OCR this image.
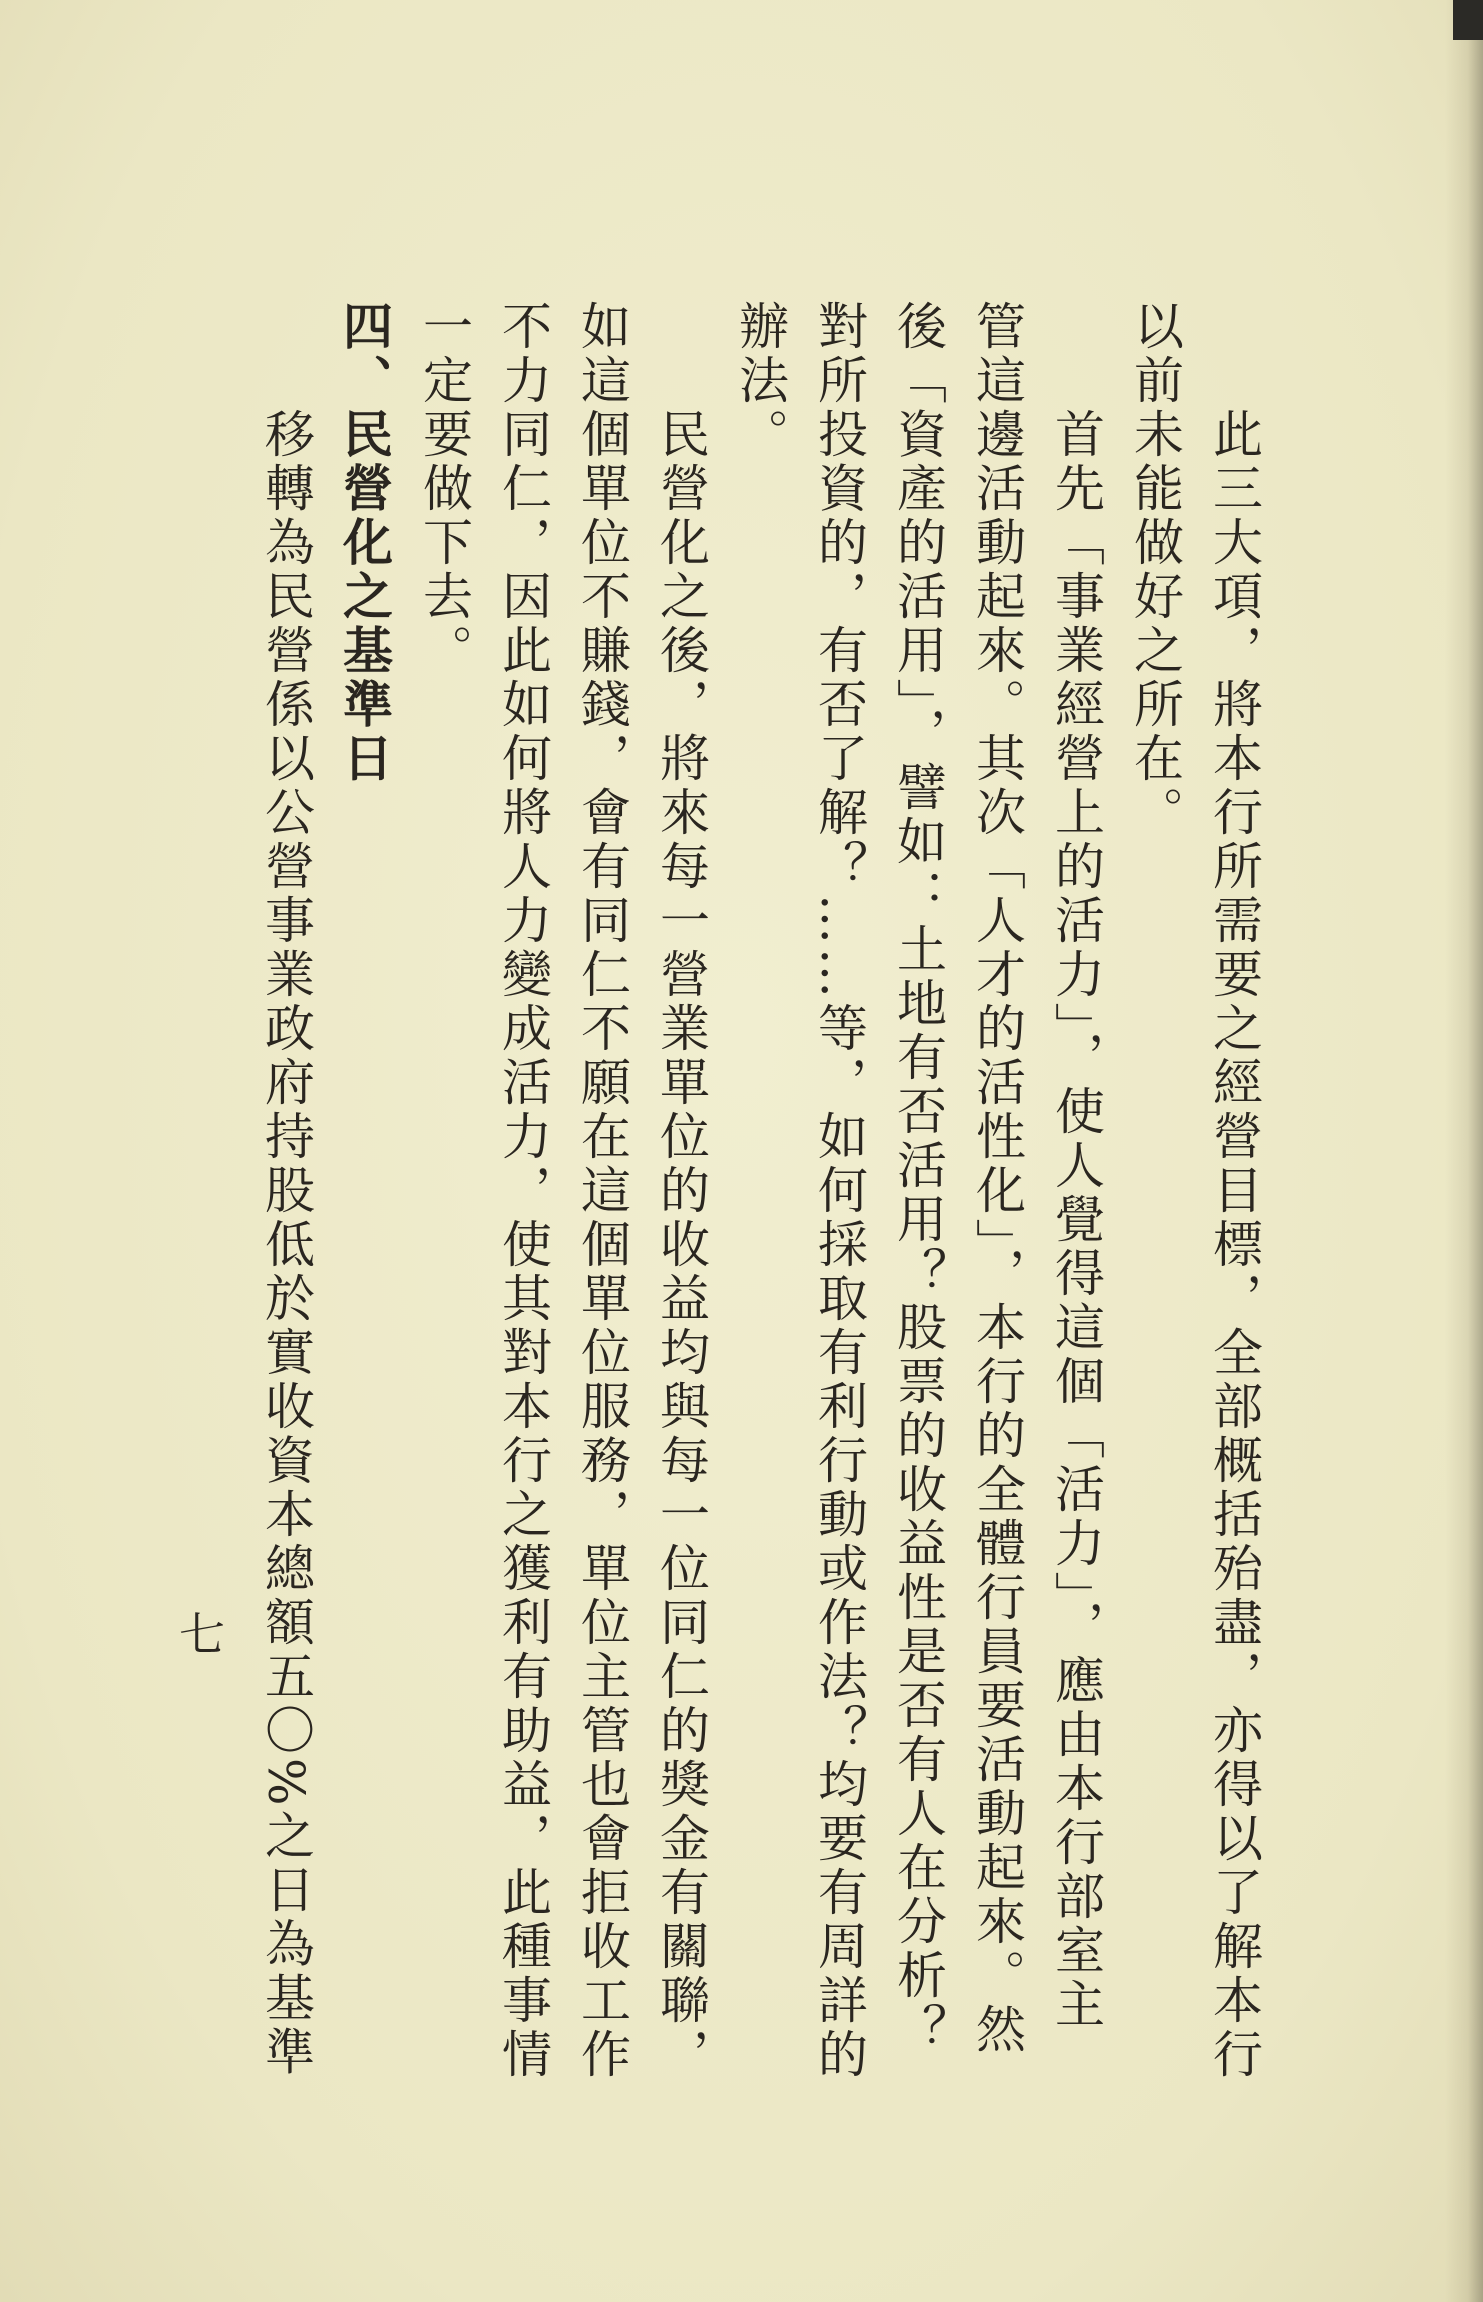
此三大項，將本行所需要之經營目標，全部概括殆盡，亦得以了解本行
以前未能做好之所在。
首先「事業經營上的活力」，使人覺得這個「活力」，應由本行部室主
管這邊活動起來。其次「人才的活性化」，本行的全體行員要活動起來。然
後「資產的活用」，譬如：土地有否活用？股票的收益性是否有人在分析？
對所投資的，有否了解？……等，如何採取有利行動或作法？均要有周詳的
辦法。
民營化之後，將來每一營業單位的收益均與每一位同仁的獎金有關聯，
如這個單位不賺錢，會有同仁不願在這個單位服務，單位主管也會拒收工作
不力同仁，因此如何將人力變成活力，使其對本行之獲利有助益，此種事情
一定要做下去。
四、民營化之基準日
移轉為民營係以公營事業政府持股低於實收資本總額五〇%之日為基準
七
